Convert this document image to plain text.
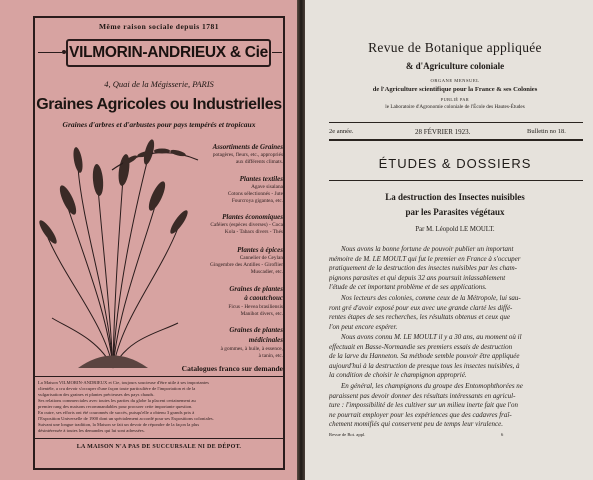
Même raison sociale depuis 1781
VILMORIN-ANDRIEUX & Cie
4, Quai de la Mégisserie, PARIS
Graines Agricoles ou Industrielles
Graines d'arbres et d'arbustes pour pays tempérés et tropicaux
Assortiments de Graines
potagères, fleurs, etc., appropriés
aux différents climats.
Plantes textiles
Agave sisalana
Cotons sélectionnés - Jute
Fourcroya gigantea, etc.
Plantes économiques
Caféiers (espèces diverses) - Coca
Kola - Tabacs divers - Thés
Plantes à épices
Cannelier de Ceylan
Gingembre des Antilles - Giroflier
Muscadier, etc.
Graines de plantes
à caoutchouc
Ficus - Hevea brasiliensis
Manihot divers, etc.
Graines de plantes
médicinales
à gommes, à huile, à essence,
à tanin, etc.
Catalogues franco sur demande
La Maison VILMORIN-ANDRIEUX et Cie, toujours soucieuse d'être utile à ses importantes
clientèle, a cru devoir s'occuper d'une façon toute particulière de l'importation et de la
vulgarisation des graines et plantes précieuses des pays chauds.
Ses relations commerciales avec toutes les parties du globe la placent certainement au
premier rang des maisons recommandables pour procurer cette importante question.
En outre, ses efforts ont été couronnés de succès, puisqu'elle a obtenu 3 grands prix à
l'Exposition Universelle de 1900 dont un spécialement accordé pour ses Expositions coloniales.
Suivant une longue tradition, la Maison se fait un devoir de répondre de la façon la plus
désintéressée à toutes les demandes qui lui sont adressées.
LA MAISON N'A PAS DE SUCCURSALE NI DE DÉPOT.
Revue de Botanique appliquée
& d'Agriculture coloniale
ORGANE MENSUEL
de l'Agriculture scientifique pour la France & ses Colonies
PUBLIÉ PAR
le Laboratoire d'Agronomie coloniale de l'École des Hautes-Études
2e année.	28 FÉVRIER 1923.	Bulletin no 18.
ÉTUDES & DOSSIERS
La destruction des Insectes nuisibles
par les Parasites végétaux
Par M. Léopold LE MOULT.
Nous avons la bonne fortune de pouvoir publier un important
mémoire de M. LE MOULT qui fut le premier en France à s'occuper
pratiquement de la destruction des insectes nuisibles par les cham-
pignons parasites et qui depuis 32 ans poursuit inlassablement
l'étude de cet important problème et de ses applications.
Nos lecteurs des colonies, comme ceux de la Métropole, lui sau-
ront gré d'avoir exposé pour eux avec une grande clarté les diffé-
rentes étapes de ses recherches, les résultats obtenus et ceux que
l'on peut encore espérer.
Nous avons connu M. LE MOULT il y a 30 ans, au moment où il
effectuait en Basse-Normandie ses premiers essais de destruction
de la larve du Hanneton. Sa méthode semble pouvoir être appliquée
aujourd'hui à la destruction de presque tous les insectes nuisibles, à
la condition de choisir le champignon approprié.
En général, les champignons du groupe des Entomophthorées ne
paraissent pas devoir donner des résultats intéressants en agricul-
ture : l'impossibilité de les cultiver sur un milieu inerte fait que l'on
ne pourrait employer pour les expériences que des cadavres fraî-
chement momifiés qui conservent peu de temps leur virulence.
Revue de Bot. appl.	6
